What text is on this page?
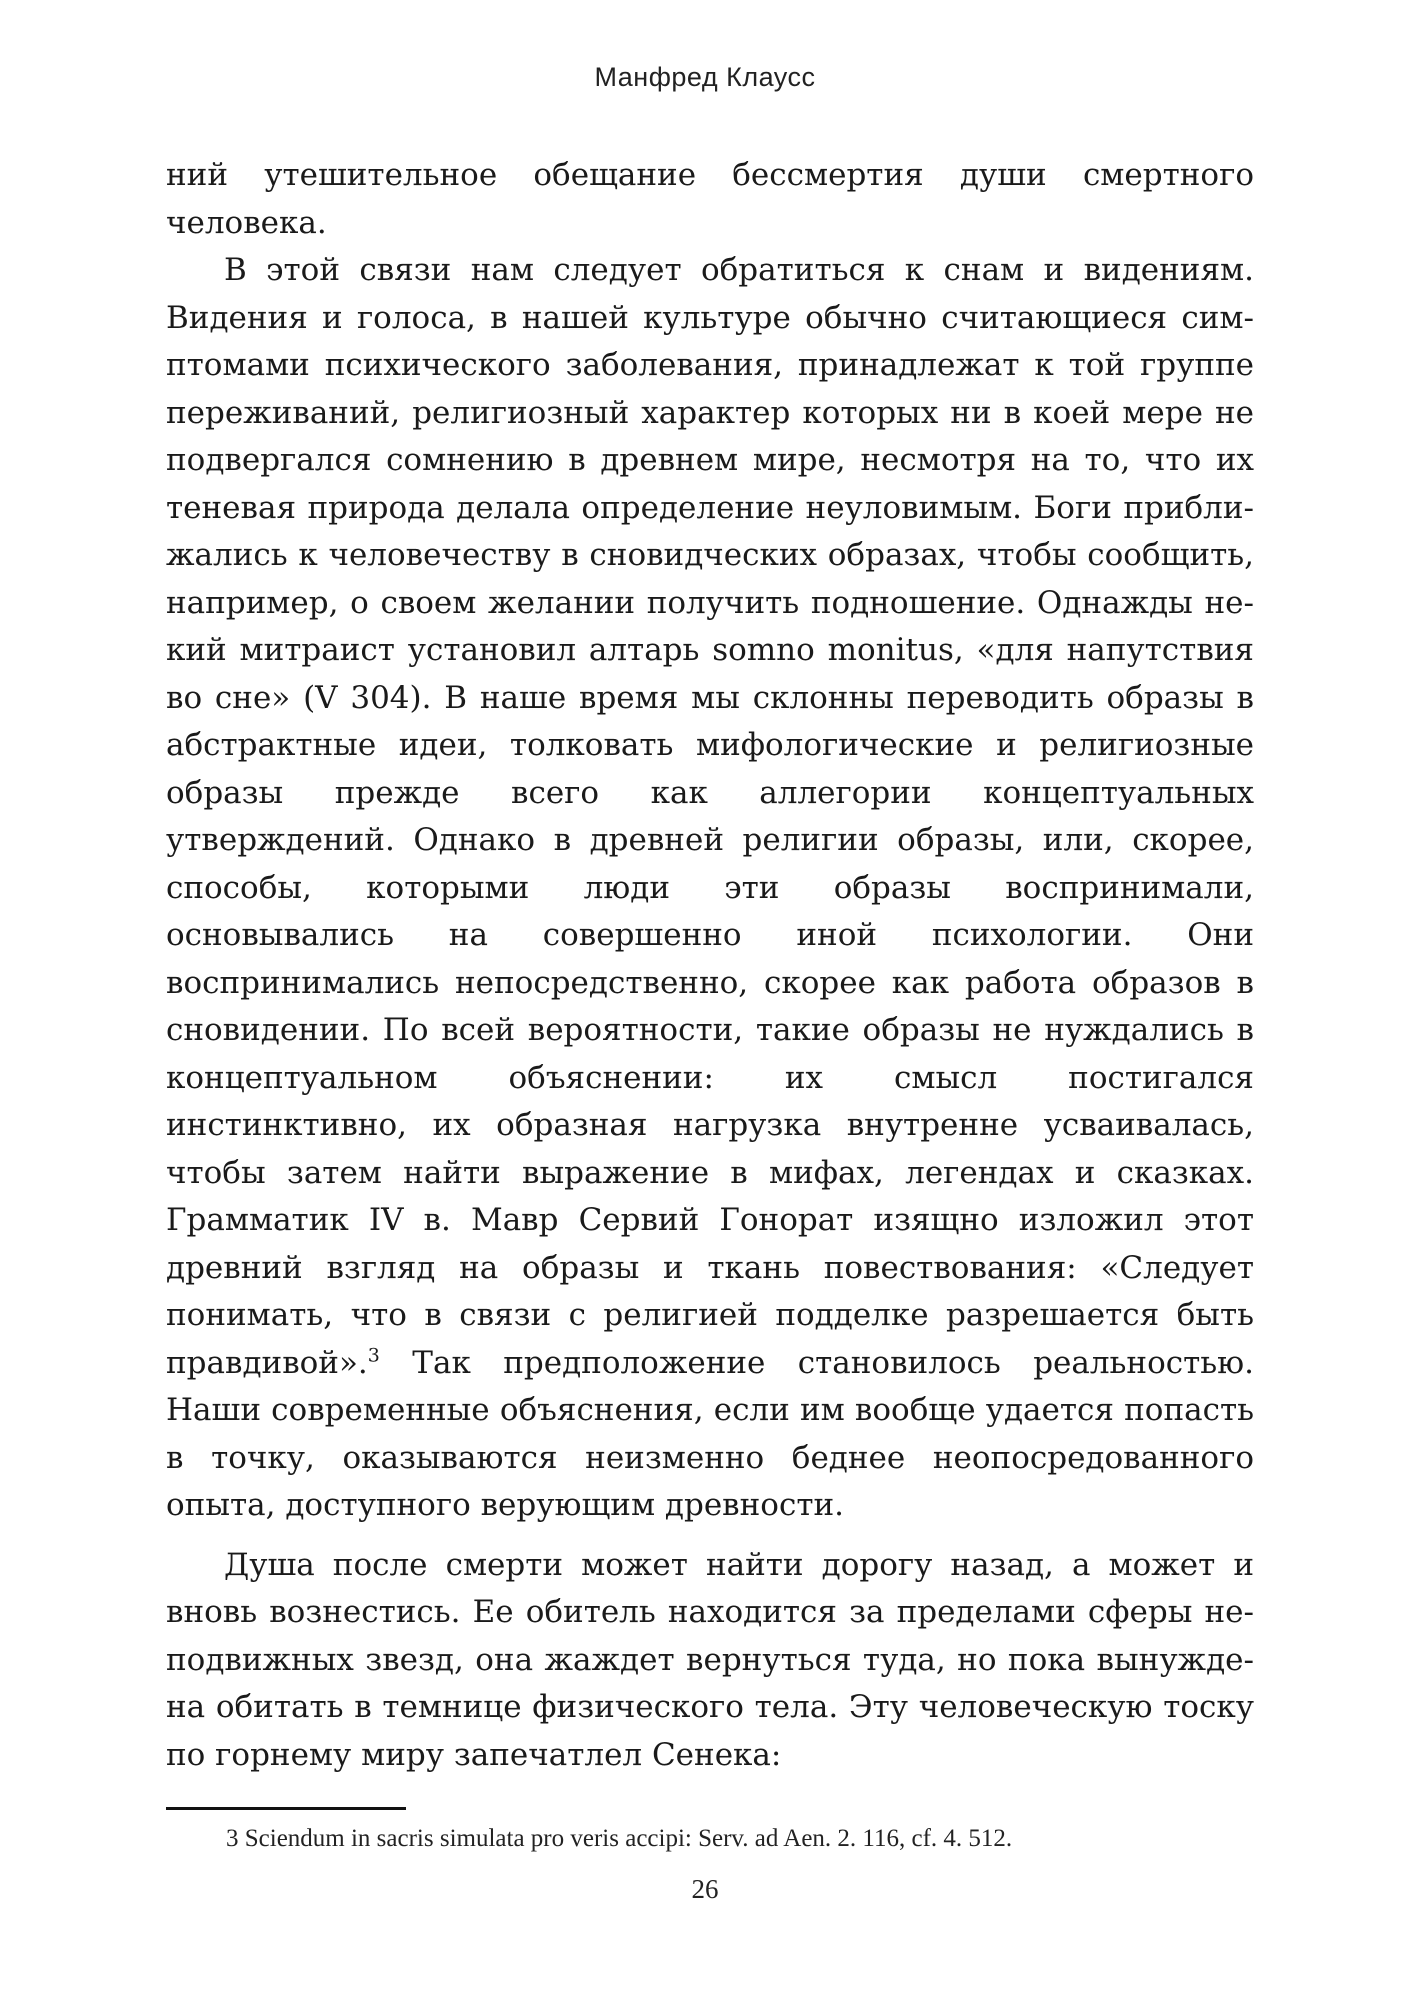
Манфред Клаусс

ний утешительное обещание бессмертия души смертного человека.

В этой связи нам следует обратиться к снам и видениям. Видения и голоса, в нашей культуре обычно считающиеся симптомами психического заболевания, принадлежат к той группе переживаний, религиозный характер которых ни в коей мере не подвергался сомнению в древнем мире, несмотря на то, что их теневая природа делала определение неуловимым. Боги приближались к человечеству в сновидческих образах, чтобы сообщить, например, о своем желании получить подношение. Однажды некий митраист установил алтарь somno monitus, «для напутствия во сне» (V 304). В наше время мы склонны переводить образы в абстрактные идеи, толковать мифологические и религиозные образы прежде всего как аллегории концептуальных утверждений. Однако в древней религии образы, или, скорее, способы, которыми люди эти образы воспринимали, основывались на совершенно иной психологии. Они воспринимались непосредственно, скорее как работа образов в сновидении. По всей вероятности, такие образы не нуждались в концептуальном объяснении: их смысл постигался инстинктивно, их образная нагрузка внутренне усваивалась, чтобы затем найти выражение в мифах, легендах и сказках. Грамматик IV в. Мавр Сервий Гонорат изящно изложил этот древний взгляд на образы и ткань повествования: «Следует понимать, что в связи с религией подделке разрешается быть правдивой».$^3$ Так предположение становилось реальностью. Наши современные объяснения, если им вообще удается попасть в точку, оказываются неизменно беднее неопосредованного опыта, доступного верующим древности.

Душа после смерти может найти дорогу назад, а может и вновь вознестись. Ее обитель находится за пределами сферы неподвижных звезд, она жаждет вернуться туда, но пока вынуждена обитать в темнице физического тела. Эту человеческую тоску по горнему миру запечатлел Сенека:

3 Sciendum in sacris simulata pro veris accipi: Serv. ad Aen. 2. 116, cf. 4. 512.
26
